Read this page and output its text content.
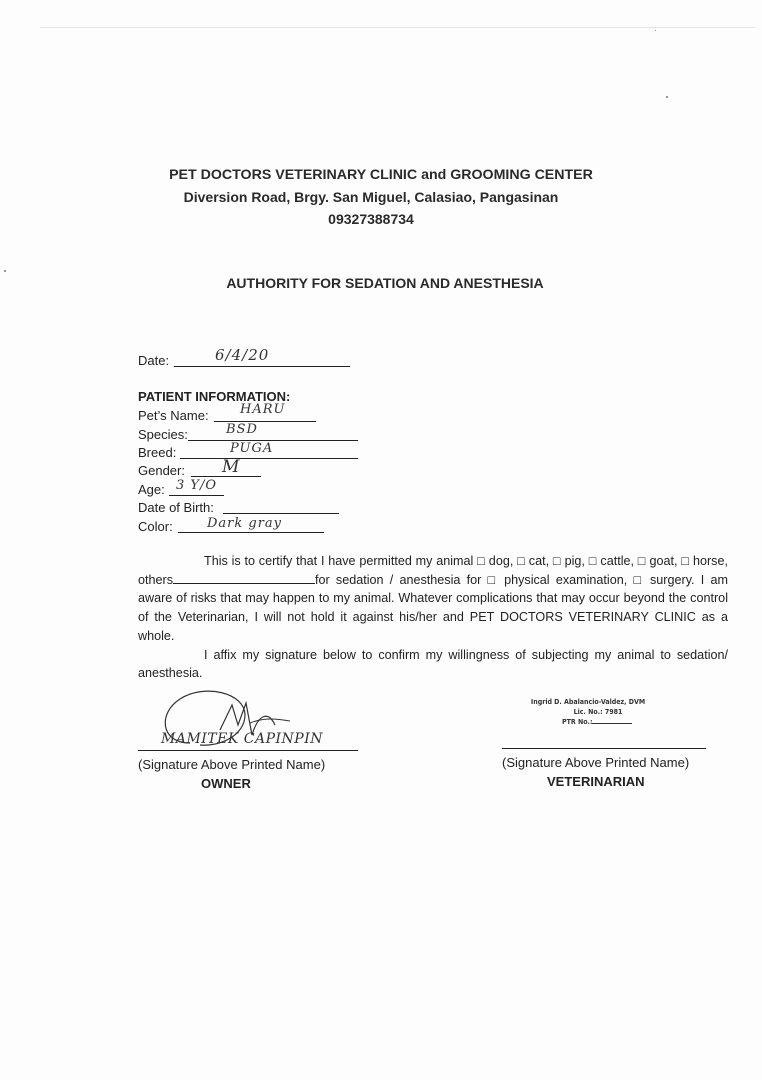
PET DOCTORS VETERINARY CLINIC and GROOMING CENTER
Diversion Road, Brgy. San Miguel, Calasiao, Pangasinan
09327388734
AUTHORITY FOR SEDATION AND ANESTHESIA
Date:	6/4/20
PATIENT INFORMATION:
Pet’s Name: HARU
Species:	BSD
Breed:	PUGA
Gender: M
Age: 3 Y/O
Date of Birth:
Color:	Dark gray

This is to certify that I have permitted my animal □ dog, □ cat, □ pig, □ cattle, □ goat, □ horse, others	for sedation / anesthesia for □ physical examination, □ surgery. I am aware of risks that may happen to my animal. Whatever complications that may occur beyond the control of the Veterinarian, I will not hold it against his/her and PET DOCTORS VETERINARY CLINIC as a whole.

I affix my signature below to confirm my willingness of subjecting my animal to sedation/ anesthesia.

MAMITEK CAPINPIN
(Signature Above Printed Name)
OWNER
Ingrid D. Abalancio-Valdez, DVM
Lic. No.: 7981
PTR No.:
(Signature Above Printed Name)
VETERINARIAN
